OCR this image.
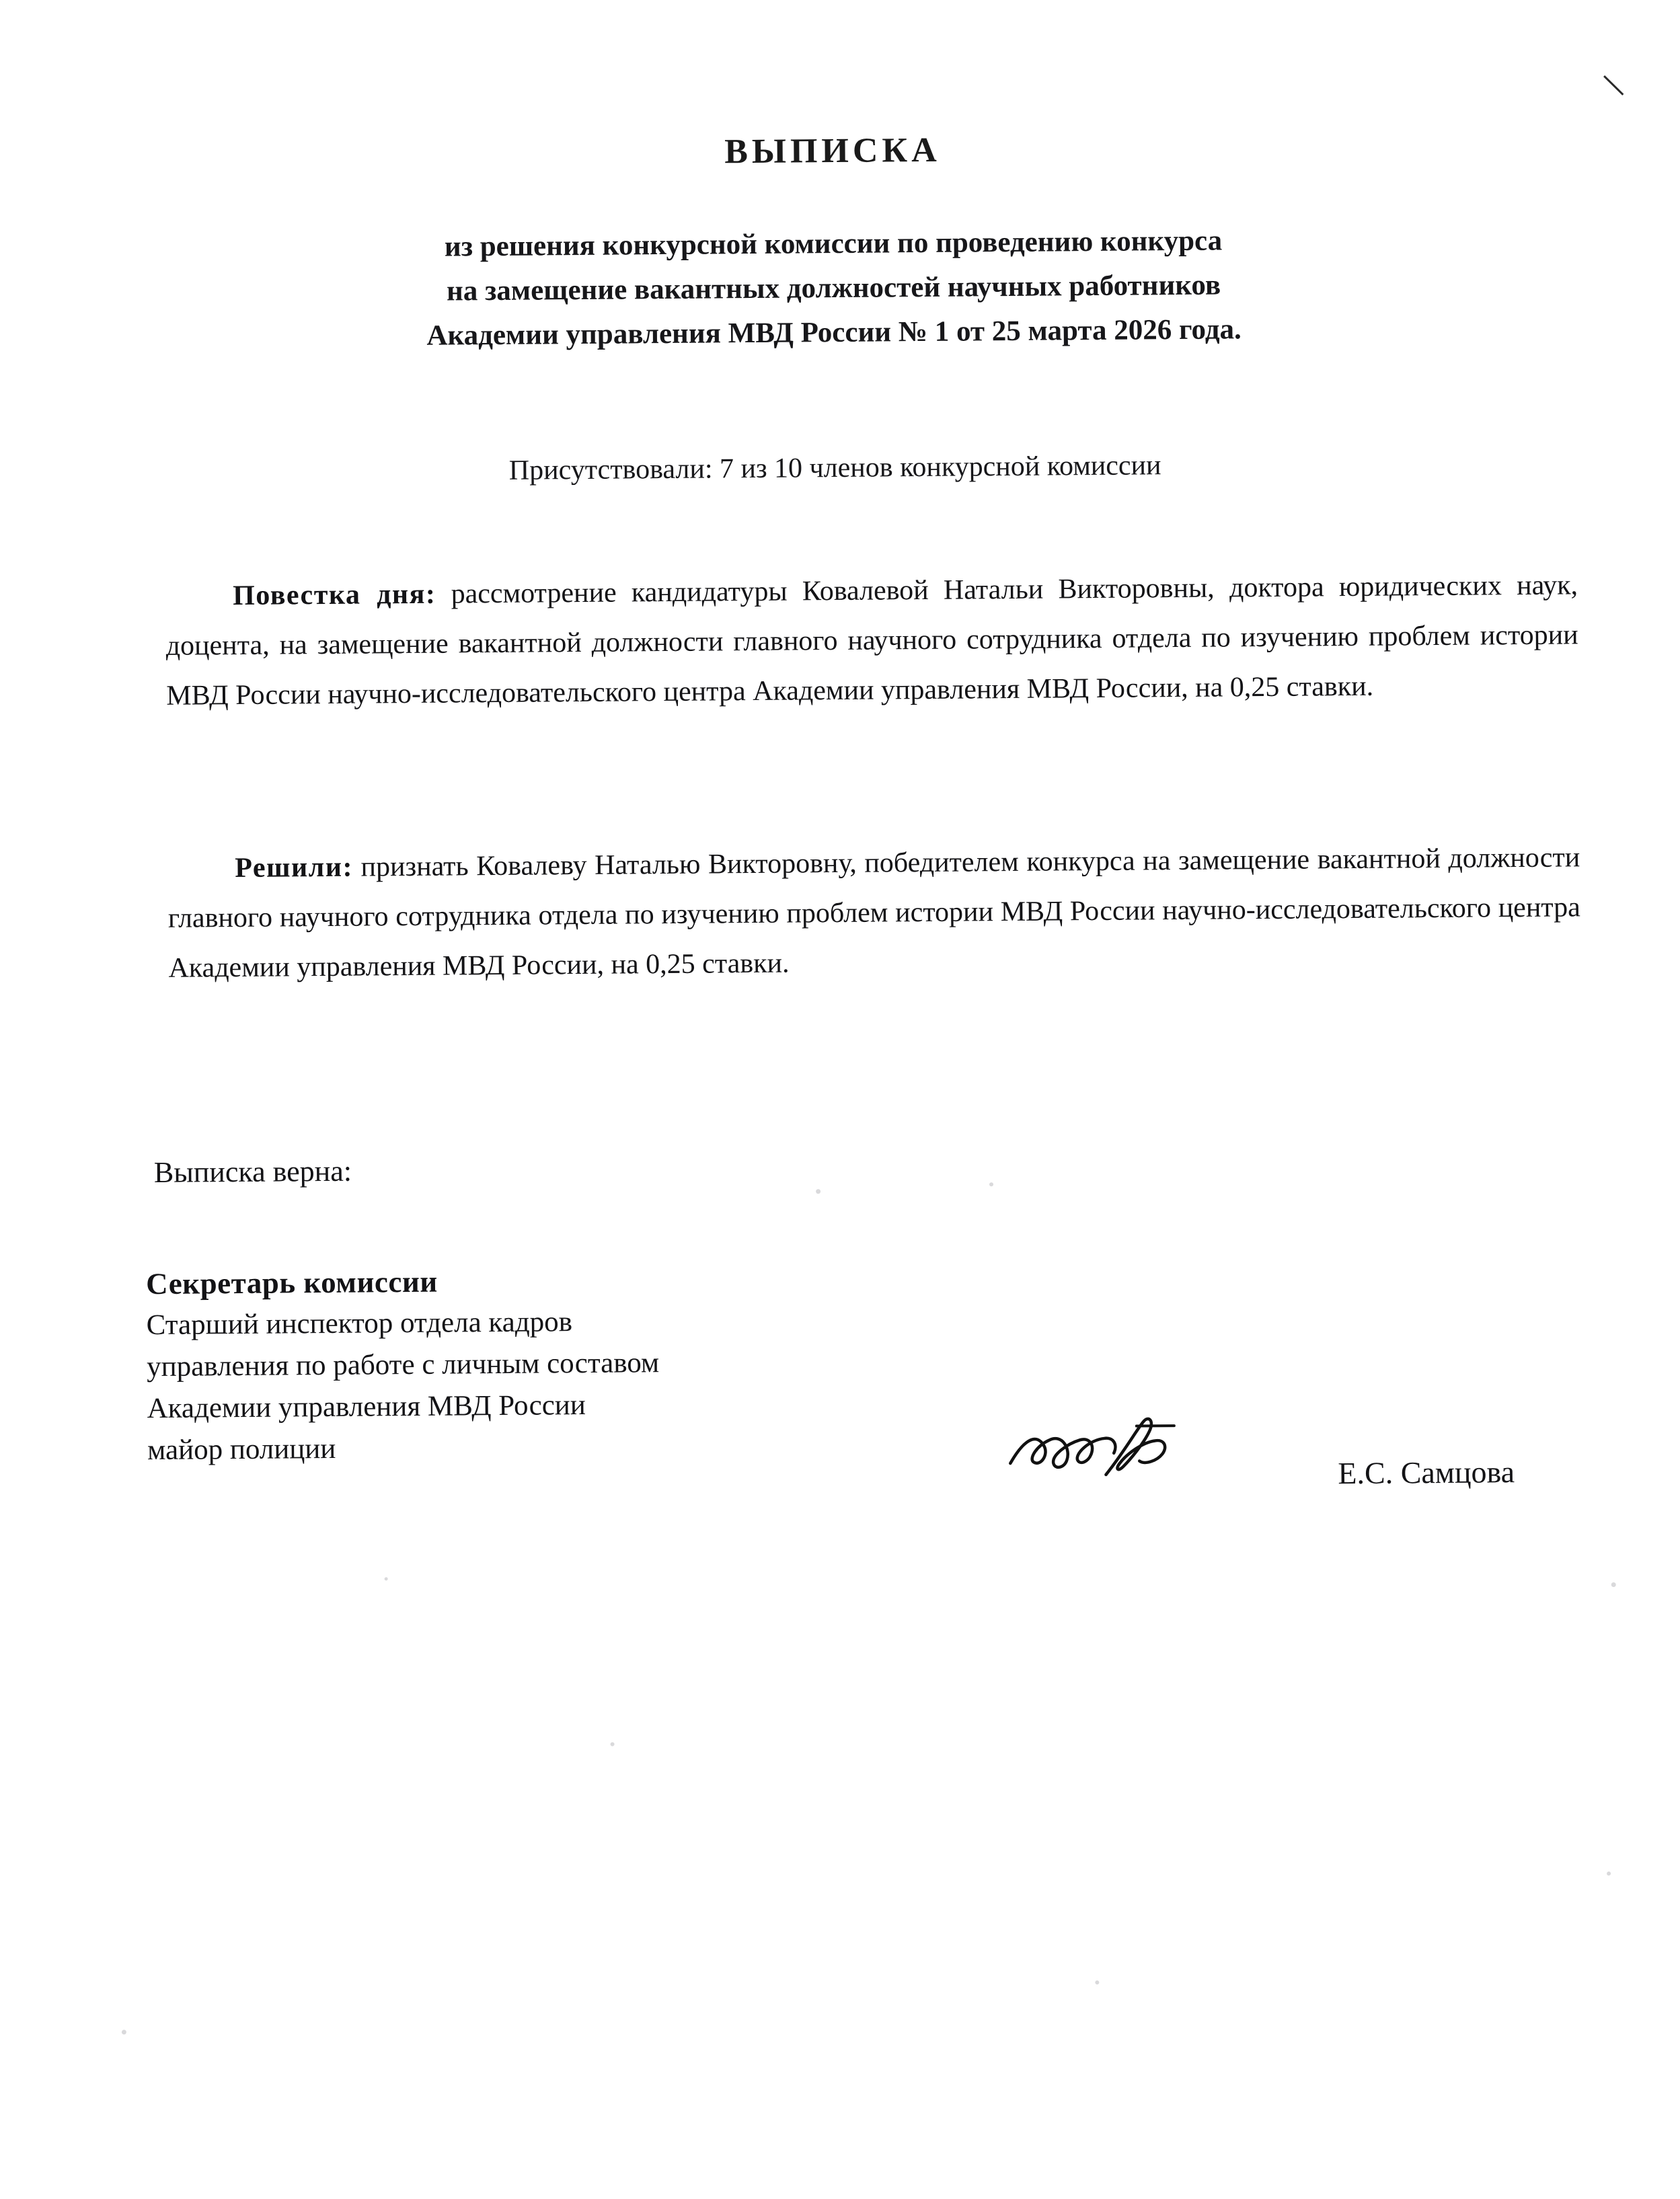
ВЫПИСКА
из решения конкурсной комиссии по проведению конкурса
на замещение вакантных должностей научных работников
Академии управления МВД России № 1 от 25 марта 2026 года.
Присутствовали: 7 из 10 членов конкурсной комиссии

Повестка дня: рассмотрение кандидатуры Ковалевой Натальи Викторовны, доктора юридических наук, доцента, на замещение вакантной должности главного научного сотрудника отдела по изучению проблем истории МВД России научно-исследовательского центра Академии управления МВД России, на 0,25 ставки.

Решили: признать Ковалеву Наталью Викторовну, победителем конкурса на замещение вакантной должности главного научного сотрудника отдела по изучению проблем истории МВД России научно-исследовательского центра Академии управления МВД России, на 0,25 ставки.

Выписка верна:
Секретарь комиссии
Старший инспектор отдела кадров
управления по работе с личным составом
Академии управления МВД России
майор полиции
Е.С. Самцова
